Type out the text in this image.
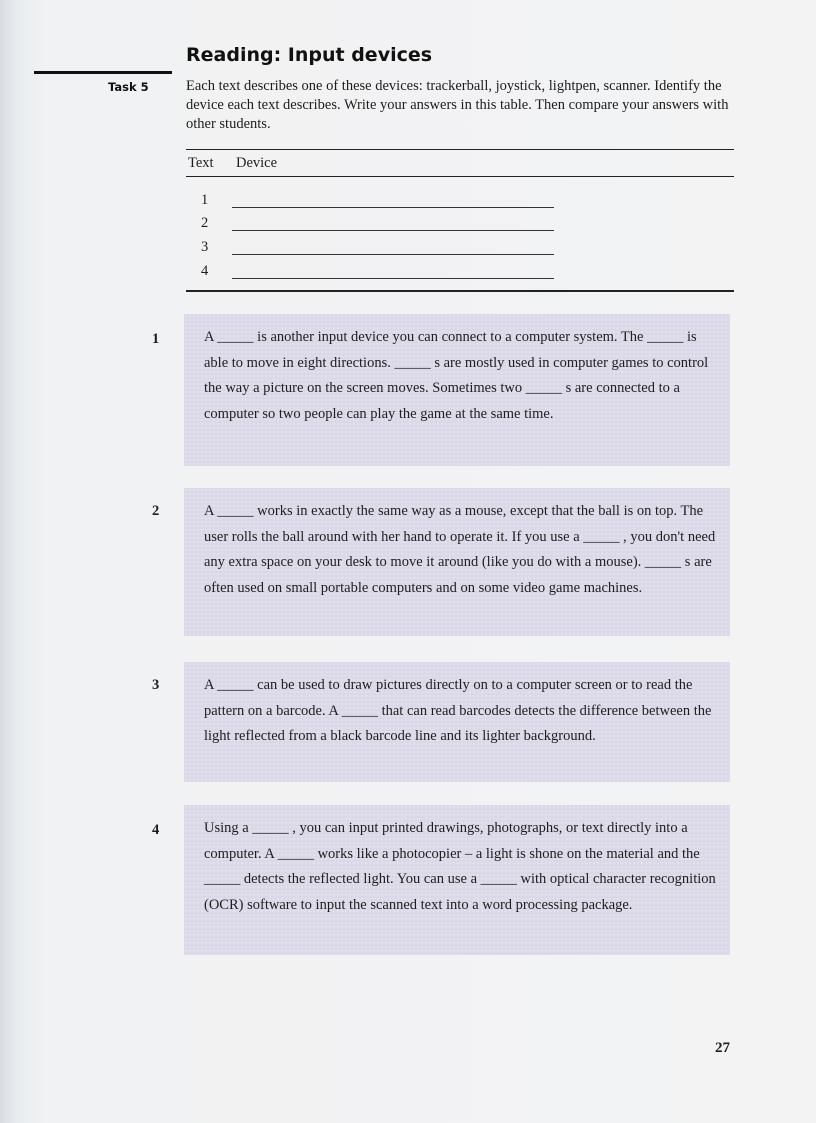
Reading: Input devices
Task 5	Each text describes one of these devices: trackerball, joystick, lightpen, scanner. Identify the device each text describes. Write your answers in this table. Then compare your answers with other students.

Text Device
1
2
3
4
1	A _____ is another input device you can connect to a computer system. The _____ is able to move in eight directions. _____ s are mostly used in computer games to control the way a picture on the screen moves. Sometimes two _____ s are connected to a computer so two people can play the game at the same time.

2	A _____ works in exactly the same way as a mouse, except that the ball is on top. The user rolls the ball around with her hand to operate it. If you use a _____ , you don't need any extra space on your desk to move it around (like you do with a mouse). _____ s are often used on small portable computers and on some video game machines.

3	A _____ can be used to draw pictures directly on to a computer screen or to read the pattern on a barcode. A _____ that can read barcodes detects the difference between the light reflected from a black barcode line and its lighter background.

4	Using a _____ , you can input printed drawings, photographs, or text directly into a computer. A _____ works like a photocopier – a light is shone on the material and the _____ detects the reflected light. You can use a _____ with optical character recognition (OCR) software to input the scanned text into a word processing package.

27
